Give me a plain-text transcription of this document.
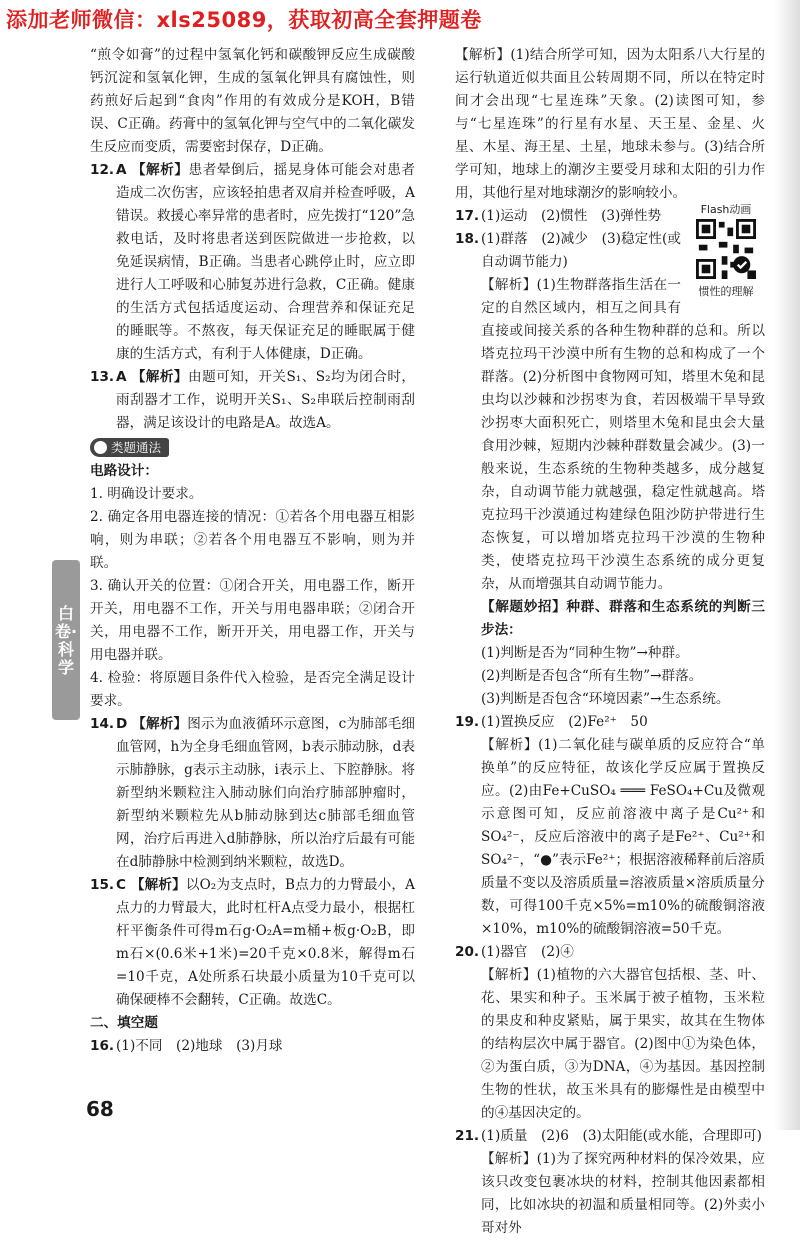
添加老师微信：xls25089，获取初高全套押题卷

“煎令如膏”的过程中氢氧化钙和碳酸钾反应生成碳酸钙沉淀和氢氧化钾，生成的氢氧化钾具有腐蚀性，则药煎好后起到“食肉”作用的有效成分是KOH，B错误、C正确。药膏中的氢氧化钾与空气中的二氧化碳发生反应而变质，需要密封保存，D正确。

12. A 【解析】患者晕倒后，摇晃身体可能会对患者造成二次伤害，应该轻拍患者双肩并检查呼吸，A错误。救援心率异常的患者时，应先拨打“120”急救电话，及时将患者送到医院做进一步抢救，以免延误病情，B正确。当患者心跳停止时，应立即进行人工呼吸和心肺复苏进行急救，C正确。健康的生活方式包括适度运动、合理营养和保证充足的睡眠等。不熬夜，每天保证充足的睡眠属于健康的生活方式，有利于人体健康，D正确。

13. A 【解析】由题可知，开关S₁、S₂均为闭合时，雨刮器才工作，说明开关S₁、S₂串联后控制雨刮器，满足该设计的电路是A。故选A。

类题通法

电路设计：

1. 明确设计要求。

2. 确定各用电器连接的情况：①若各个用电器互相影响，则为串联；②若各个用电器互不影响，则为并联。

3. 确认开关的位置：①闭合开关，用电器工作，断开开关，用电器不工作，开关与用电器串联；②闭合开关，用电器不工作，断开开关，用电器工作，开关与用电器并联。

4. 检验：将原题目条件代入检验，是否完全满足设计要求。

14. D 【解析】图示为血液循环示意图，c为肺部毛细血管网，h为全身毛细血管网，b表示肺动脉，d表示肺静脉，g表示主动脉，i表示上、下腔静脉。将新型纳米颗粒注入肺动脉们向治疗肺部肿瘤时，新型纳米颗粒先从b肺动脉到达c肺部毛细血管网，治疗后再进入d肺静脉，所以治疗后最有可能在d肺静脉中检测到纳米颗粒，故选D。

15. C 【解析】以O₂为支点时，B点力的力臂最小，A点力的力臂最大，此时杠杆A点受力最小，根据杠杆平衡条件可得m石g·O₂A=m桶+板g·O₂B，即m石×(0.6米+1米)=20千克×0.8米，解得m石=10千克，A处所系石块最小质量为10千克可以确保硬棒不会翻转，C正确。故选C。

二、填空题

16. (1)不同　(2)地球　(3)月球

【解析】(1)结合所学可知，因为太阳系八大行星的运行轨道近似共面且公转周期不同，所以在特定时间才会出现“七星连珠”天象。(2)读图可知，参与“七星连珠”的行星有水星、天王星、金星、火星、木星、海王星、土星，地球未参与。(3)结合所学可知，地球上的潮汐主要受月球和太阳的引力作用，其他行星对地球潮汐的影响较小。

Flash动画
惯性的理解

17. (1)运动　(2)惯性　(3)弹性势

18. (1)群落　(2)减少　(3)稳定性(或自动调节能力)

【解析】(1)生物群落指生活在一定的自然区域内，相互之间具有直接或间接关系的各种生物种群的总和。所以塔克拉玛干沙漠中所有生物的总和构成了一个群落。(2)分析图中食物网可知，塔里木兔和昆虫均以沙棘和沙拐枣为食，若因极端干旱导致沙拐枣大面积死亡，则塔里木兔和昆虫会大量食用沙棘，短期内沙棘种群数量会减少。(3)一般来说，生态系统的生物种类越多，成分越复杂，自动调节能力就越强，稳定性就越高。塔克拉玛干沙漠通过构建绿色阻沙防护带进行生态恢复，可以增加塔克拉玛干沙漠的生物种类，使塔克拉玛干沙漠生态系统的成分更复杂，从而增强其自动调节能力。

【解题妙招】种群、群落和生态系统的判断三步法：

(1)判断是否为“同种生物”→种群。

(2)判断是否包含“所有生物”→群落。

(3)判断是否包含“环境因素”→生态系统。

19. (1)置换反应　(2)Fe²⁺　50

【解析】(1)二氧化硅与碳单质的反应符合“单换单”的反应特征，故该化学反应属于置换反应。(2)由Fe+CuSO₄ ═══ FeSO₄+Cu及微观示意图可知，反应前溶液中离子是Cu²⁺和SO₄²⁻，反应后溶液中的离子是Fe²⁺、Cu²⁺和SO₄²⁻，“●”表示Fe²⁺；根据溶液稀释前后溶质质量不变以及溶质质量=溶液质量×溶质质量分数，可得100千克×5%=m10%的硫酸铜溶液×10%，m10%的硫酸铜溶液=50千克。

20. (1)器官　(2)④

【解析】(1)植物的六大器官包括根、茎、叶、花、果实和种子。玉米属于被子植物，玉米粒的果皮和种皮紧贴，属于果实，故其在生物体的结构层次中属于器官。(2)图中①为染色体，②为蛋白质，③为DNA，④为基因。基因控制生物的性状，故玉米具有的膨爆性是由模型中的④基因决定的。

21. (1)质量　(2)6　(3)太阳能(或水能，合理即可)

【解析】(1)为了探究两种材料的保冷效果，应该只改变包裹冰块的材料，控制其他因素都相同，比如冰块的初温和质量相同等。(2)外卖小哥对外

白卷·科学
68
